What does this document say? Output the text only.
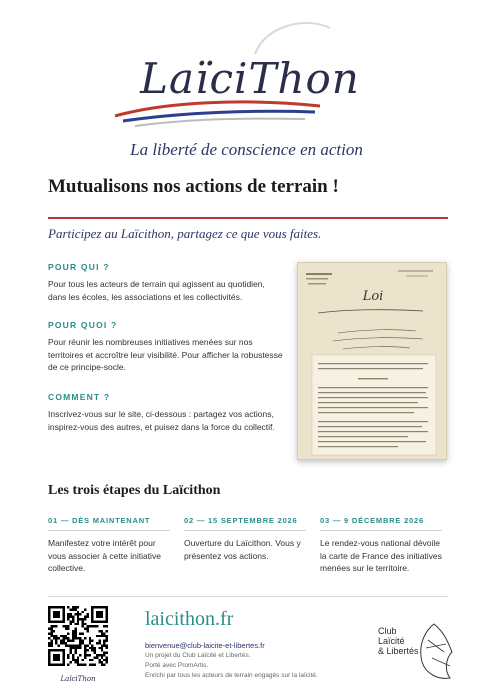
LaïciThon
La liberté de conscience en action
Mutualisons nos actions de terrain !
Participez au Laïcithon, partagez ce que vous faites.
POUR QUI ?
Pour tous les acteurs de terrain qui agissent au quotidien, dans les écoles, les associations et les collectivités.
POUR QUOI ?
Pour réunir les nombreuses initiatives menées sur nos territoires et accroître leur visibilité. Pour afficher la robustesse de ce principe-socle.
COMMENT ?
Inscrivez-vous sur le site, ci-dessous : partagez vos actions, inspirez-vous des autres, et puisez dans la force du collectif.
Loi
Les trois étapes du Laïcithon
01 — DÈS MAINTENANT
Manifestez votre intérêt pour vous associer à cette initiative collective.
02 — 15 SEPTEMBRE 2026
Ouverture du Laïcithon. Vous y présentez vos actions.
03 — 9 DÉCEMBRE 2026
Le rendez-vous national dévoile la carte de France des initiatives menées sur le territoire.
LaïciThon
laicithon.fr
bienvenue@club-laicite-et-libertes.fr
Un projet du Club Laïcité et Libertés.
Porté avec PromArtis.
Enrichi par tous les acteurs de terrain engagés sur la laïcité.
Club
Laïcité
& Libertés
